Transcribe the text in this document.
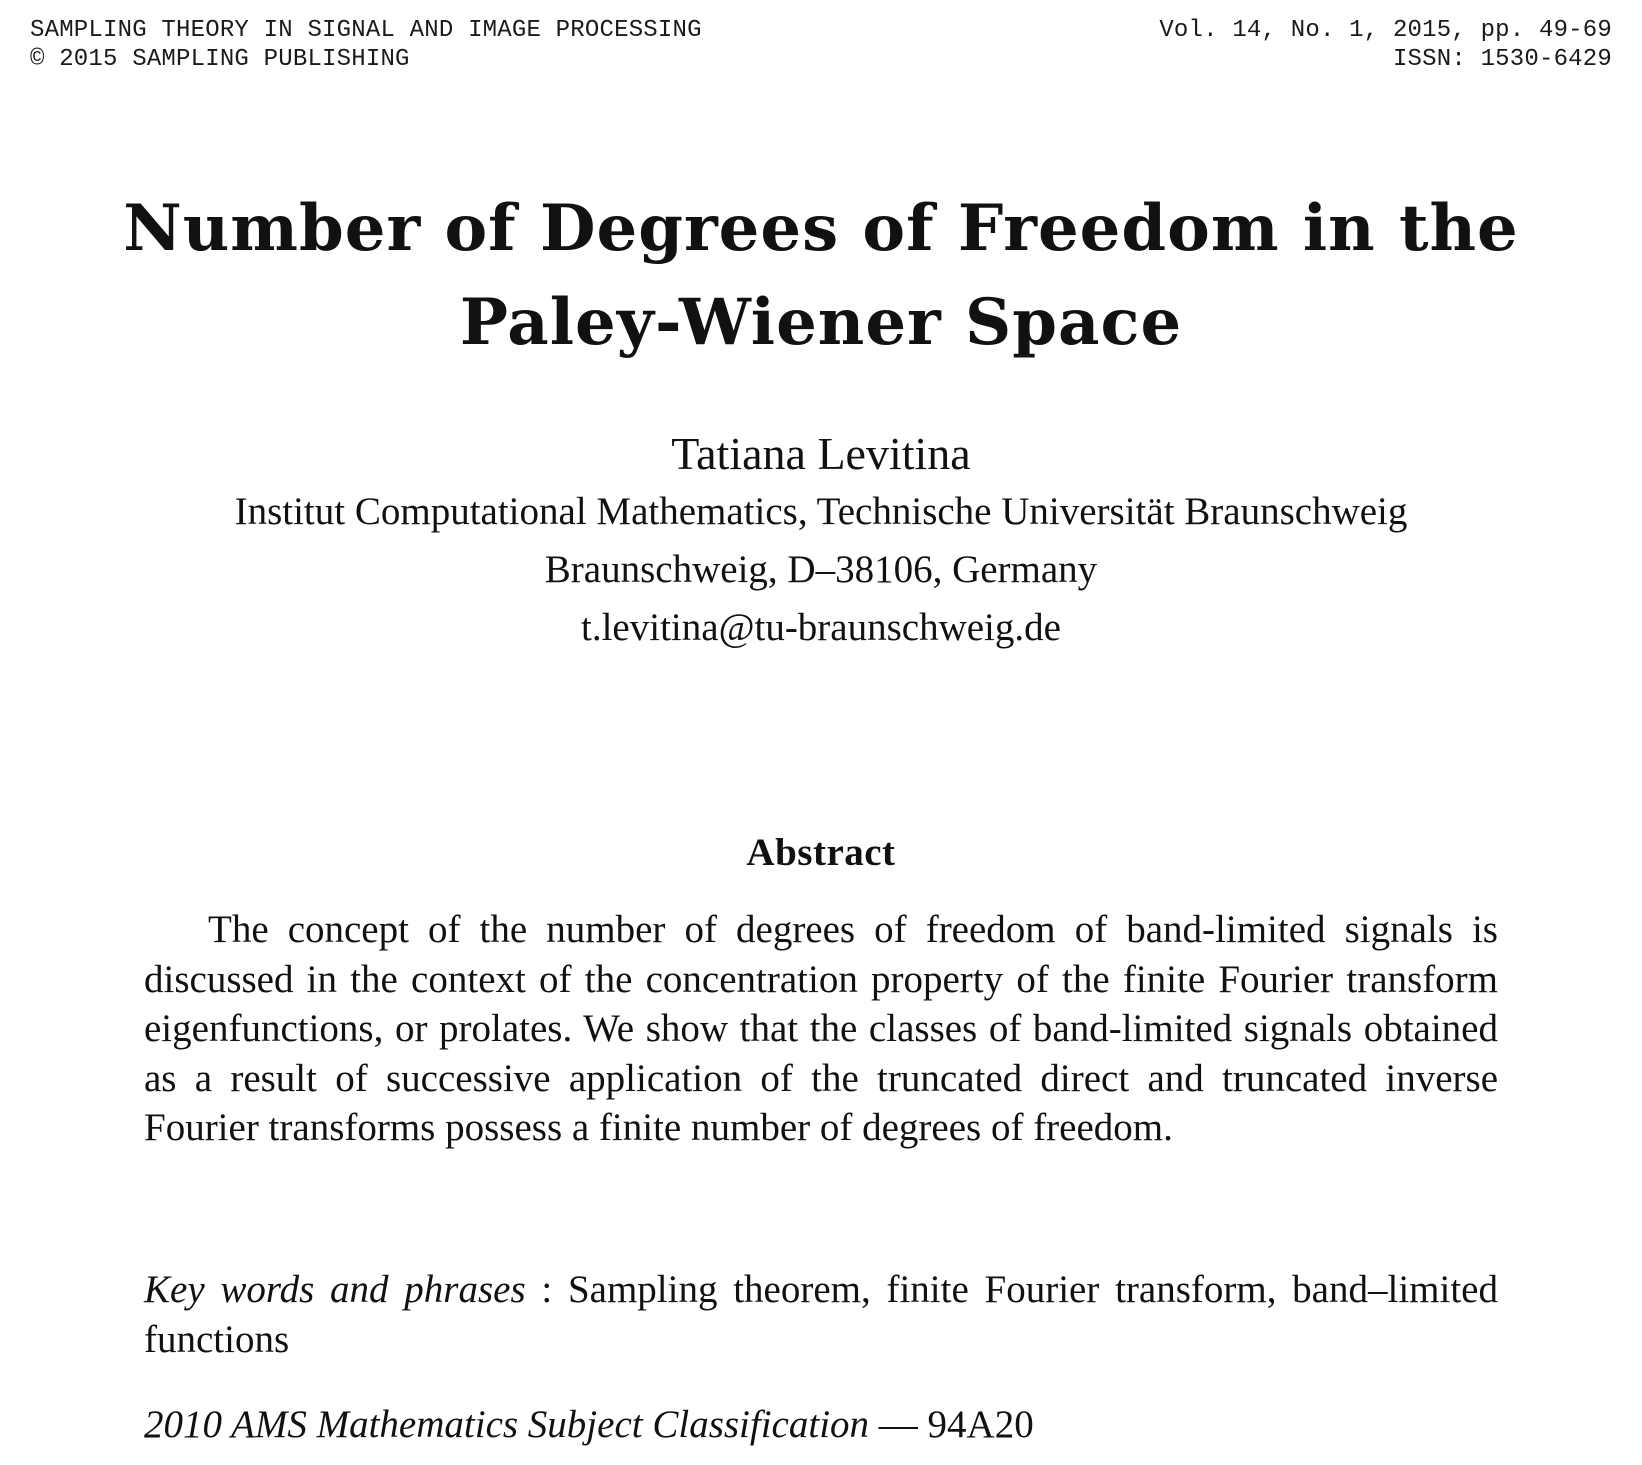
SAMPLING THEORY IN SIGNAL AND IMAGE PROCESSING
© 2015 SAMPLING PUBLISHING
Vol. 14, No. 1, 2015, pp. 49-69
ISSN: 1530-6429
Number of Degrees of Freedom in the
Paley-Wiener Space
Tatiana Levitina
Institut Computational Mathematics, Technische Universität Braunschweig
Braunschweig, D–38106, Germany
t.levitina@tu-braunschweig.de
Abstract

The concept of the number of degrees of freedom of band-limited signals is discussed in the context of the concentration property of the finite Fourier transform eigenfunctions, or prolates. We show that the classes of band-limited signals obtained as a result of successive application of the truncated direct and truncated inverse Fourier transforms possess a finite number of degrees of freedom.

Key words and phrases : Sampling theorem, finite Fourier transform, band–limited functions

2010 AMS Mathematics Subject Classification — 94A20
